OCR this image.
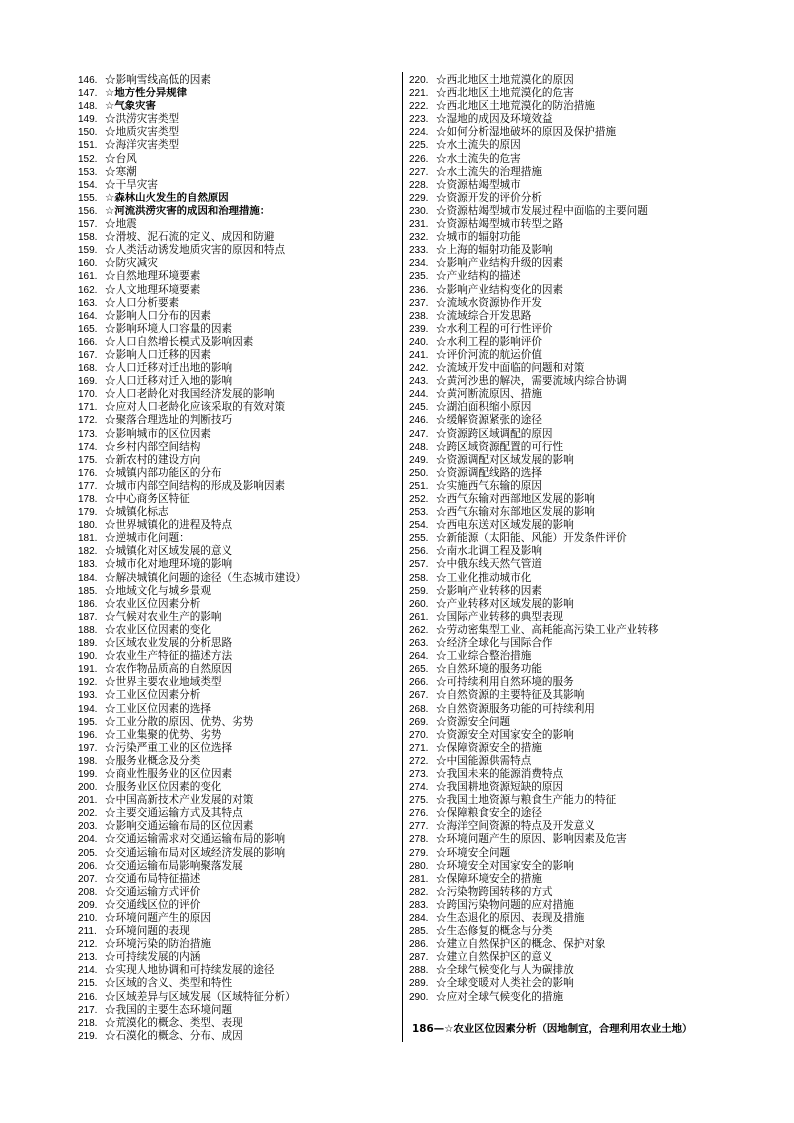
146. ☆影响雪线高低的因素
147. ☆地方性分异规律
148. ☆气象灾害
149. ☆洪涝灾害类型
150. ☆地质灾害类型
151. ☆海洋灾害类型
152. ☆台风
153. ☆寒潮
154. ☆干旱灾害
155. ☆森林山火发生的自然原因
156. ☆河流洪涝灾害的成因和治理措施：
157. ☆地震
158. ☆滑坡、泥石流的定义、成因和防避
159. ☆人类活动诱发地质灾害的原因和特点
160. ☆防灾减灾
161. ☆自然地理环境要素
162. ☆人文地理环境要素
163. ☆人口分析要素
164. ☆影响人口分布的因素
165. ☆影响环境人口容量的因素
166. ☆人口自然增长模式及影响因素
167. ☆影响人口迁移的因素
168. ☆人口迁移对迁出地的影响
169. ☆人口迁移对迁入地的影响
170. ☆人口老龄化对我国经济发展的影响
171. ☆应对人口老龄化应该采取的有效对策
172. ☆聚落合理选址的判断技巧
173. ☆影响城市的区位因素
174. ☆乡村内部空间结构
175. ☆新农村的建设方向
176. ☆城镇内部功能区的分布
177. ☆城市内部空间结构的形成及影响因素
178. ☆中心商务区特征
179. ☆城镇化标志
180. ☆世界城镇化的进程及特点
181. ☆逆城市化问题：
182. ☆城镇化对区域发展的意义
183. ☆城市化对地理环境的影响
184. ☆解决城镇化问题的途径（生态城市建设）
185. ☆地域文化与城乡景观
186. ☆农业区位因素分析
187. ☆气候对农业生产的影响
188. ☆农业区位因素的变化
189. ☆区域农业发展的分析思路
190. ☆农业生产特征的描述方法
191. ☆农作物品质高的自然原因
192. ☆世界主要农业地域类型
193. ☆工业区位因素分析
194. ☆工业区位因素的选择
195. ☆工业分散的原因、优势、劣势
196. ☆工业集聚的优势、劣势
197. ☆污染严重工业的区位选择
198. ☆服务业概念及分类
199. ☆商业性服务业的区位因素
200. ☆服务业区位因素的变化
201. ☆中国高新技术产业发展的对策
202. ☆主要交通运输方式及其特点
203. ☆影响交通运输布局的区位因素
204. ☆交通运输需求对交通运输布局的影响
205. ☆交通运输布局对区域经济发展的影响
206. ☆交通运输布局影响聚落发展
207. ☆交通布局特征描述
208. ☆交通运输方式评价
209. ☆交通线区位的评价
210. ☆环境问题产生的原因
211. ☆环境问题的表现
212. ☆环境污染的防治措施
213. ☆可持续发展的内涵
214. ☆实现人地协调和可持续发展的途径
215. ☆区域的含义、类型和特性
216. ☆区域差异与区域发展（区域特征分析）
217. ☆我国的主要生态环境问题
218. ☆荒漠化的概念、类型、表现
219. ☆石漠化的概念、分布、成因
220. ☆西北地区土地荒漠化的原因
221. ☆西北地区土地荒漠化的危害
222. ☆西北地区土地荒漠化的防治措施
223. ☆湿地的成因及环境效益
224. ☆如何分析湿地破坏的原因及保护措施
225. ☆水土流失的原因
226. ☆水土流失的危害
227. ☆水土流失的治理措施
228. ☆资源枯竭型城市
229. ☆资源开发的评价分析
230. ☆资源枯竭型城市发展过程中面临的主要问题
231. ☆资源枯竭型城市转型之路
232. ☆城市的辐射功能
233. ☆上海的辐射功能及影响
234. ☆影响产业结构升级的因素
235. ☆产业结构的描述
236. ☆影响产业结构变化的因素
237. ☆流域水资源协作开发
238. ☆流域综合开发思路
239. ☆水利工程的可行性评价
240. ☆水利工程的影响评价
241. ☆评价河流的航运价值
242. ☆流域开发中面临的问题和对策
243. ☆黄河沙患的解决，需要流域内综合协调
244. ☆黄河断流原因、措施
245. ☆湖泊面积缩小原因
246. ☆缓解资源紧张的途径
247. ☆资源跨区域调配的原因
248. ☆跨区域资源配置的可行性
249. ☆资源调配对区域发展的影响
250. ☆资源调配线路的选择
251. ☆实施西气东输的原因
252. ☆西气东输对西部地区发展的影响
253. ☆西气东输对东部地区发展的影响
254. ☆西电东送对区域发展的影响
255. ☆新能源（太阳能、风能）开发条件评价
256. ☆南水北调工程及影响
257. ☆中俄东线天然气管道
258. ☆工业化推动城市化
259. ☆影响产业转移的因素
260. ☆产业转移对区域发展的影响
261. ☆国际产业转移的典型表现
262. ☆劳动密集型工业、高耗能高污染工业产业转移
263. ☆经济全球化与国际合作
264. ☆工业综合整治措施
265. ☆自然环境的服务功能
266. ☆可持续利用自然环境的服务
267. ☆自然资源的主要特征及其影响
268. ☆自然资源服务功能的可持续利用
269. ☆资源安全问题
270. ☆资源安全对国家安全的影响
271. ☆保障资源安全的措施
272. ☆中国能源供需特点
273. ☆我国未来的能源消费特点
274. ☆我国耕地资源短缺的原因
275. ☆我国土地资源与粮食生产能力的特征
276. ☆保障粮食安全的途径
277. ☆海洋空间资源的特点及开发意义
278. ☆环境问题产生的原因、影响因素及危害
279. ☆环境安全问题
280. ☆环境安全对国家安全的影响
281. ☆保障环境安全的措施
282. ☆污染物跨国转移的方式
283. ☆跨国污染物问题的应对措施
284. ☆生态退化的原因、表现及措施
285. ☆生态修复的概念与分类
286. ☆建立自然保护区的概念、保护对象
287. ☆建立自然保护区的意义
288. ☆全球气候变化与人为碳排放
289. ☆全球变暖对人类社会的影响
290. ☆应对全球气候变化的措施
186—☆农业区位因素分析（因地制宜，合理利用农业土地）
